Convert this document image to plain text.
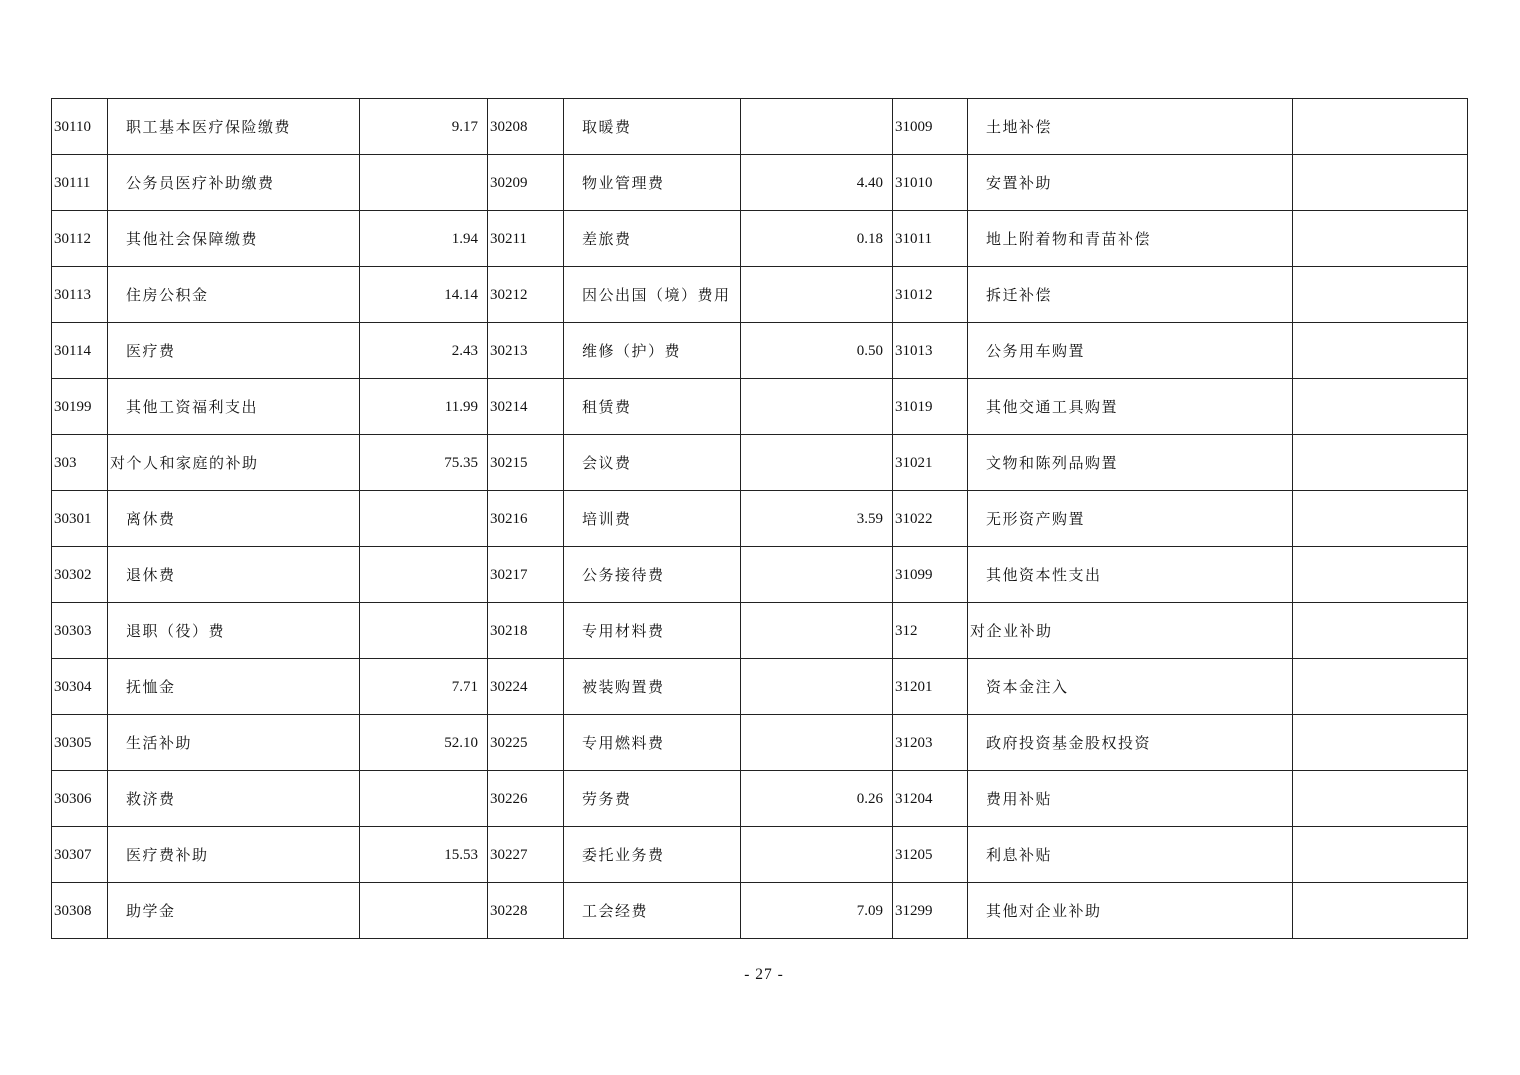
30110	职工基本医疗保险缴费	9.17	30208	取暖费		31009	土地补偿	
30111	公务员医疗补助缴费		30209	物业管理费	4.40	31010	安置补助	
30112	其他社会保障缴费	1.94	30211	差旅费	0.18	31011	地上附着物和青苗补偿	
30113	住房公积金	14.14	30212	因公出国（境）费用		31012	拆迁补偿	
30114	医疗费	2.43	30213	维修（护）费	0.50	31013	公务用车购置	
30199	其他工资福利支出	11.99	30214	租赁费		31019	其他交通工具购置	
303	对个人和家庭的补助	75.35	30215	会议费		31021	文物和陈列品购置	
30301	离休费		30216	培训费	3.59	31022	无形资产购置	
30302	退休费		30217	公务接待费		31099	其他资本性支出	
30303	退职（役）费		30218	专用材料费		312	对企业补助	
30304	抚恤金	7.71	30224	被装购置费		31201	资本金注入	
30305	生活补助	52.10	30225	专用燃料费		31203	政府投资基金股权投资	
30306	救济费		30226	劳务费	0.26	31204	费用补贴	
30307	医疗费补助	15.53	30227	委托业务费		31205	利息补贴	
30308	助学金		30228	工会经费	7.09	31299	其他对企业补助	
- 27 -
